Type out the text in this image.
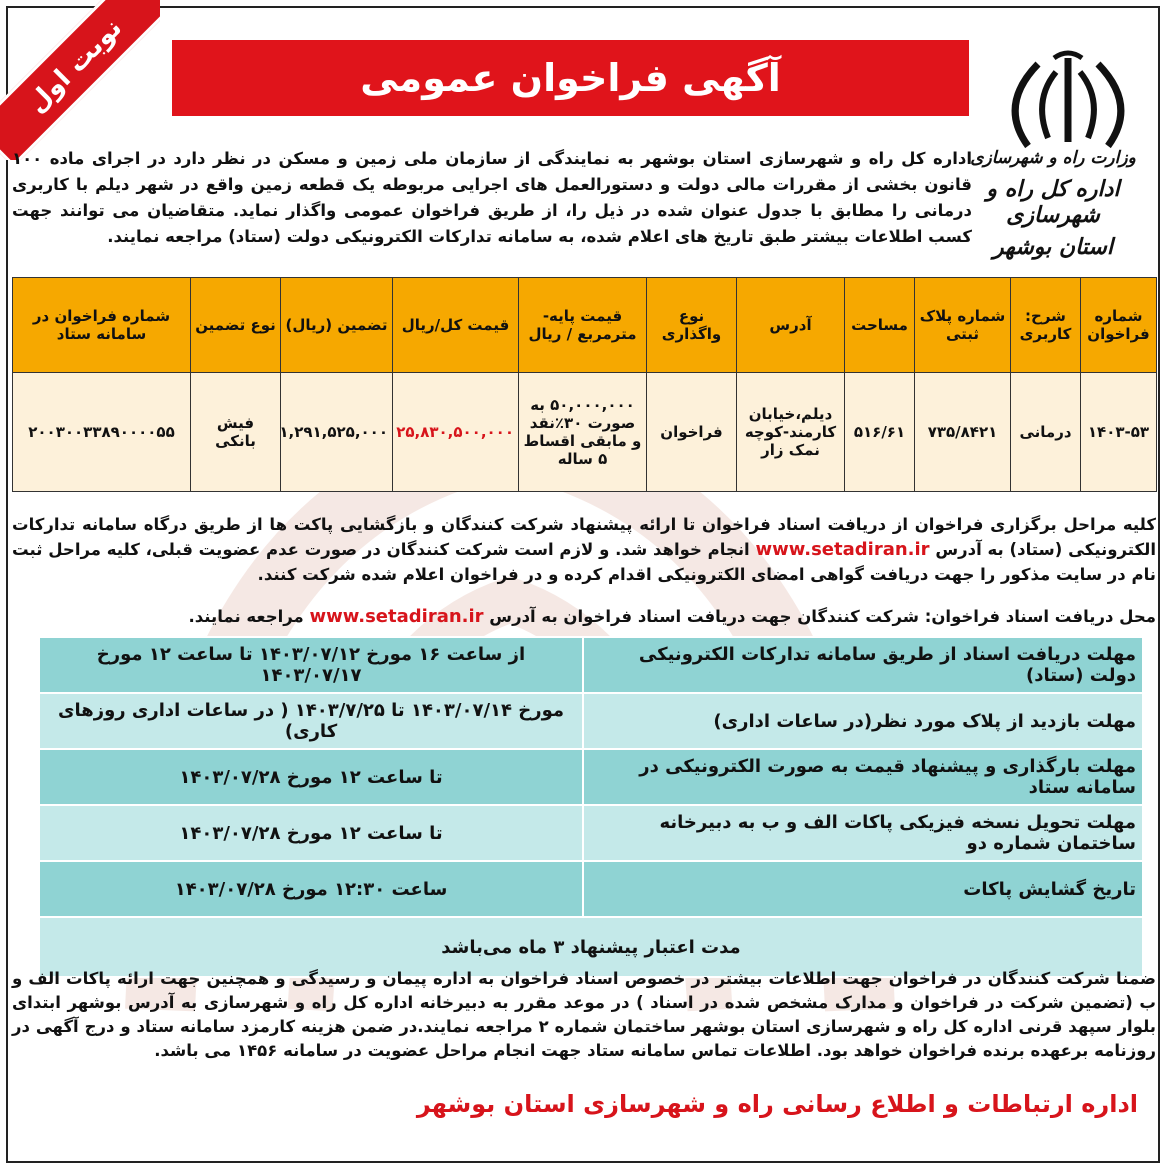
نوبت اول	آگهی فراخوان عمومی
وزارت راه و شهرسازی
اداره کل راه و شهرسازی
استان بوشهر
اداره کل راه و شهرسازی استان بوشهر به نمایندگی از سازمان ملی زمین و مسکن در نظر دارد در اجرای ماده ۱۰۰ قانون بخشی از مقررات مالی دولت و دستورالعمل های اجرایی مربوطه یک قطعه زمین واقع در شهر دیلم با کاربری درمانی را مطابق با جدول عنوان شده در ذیل را، از طریق فراخوان عمومی واگذار نماید. متقاضیان می توانند جهت کسب اطلاعات بیشتر طبق تاریخ های اعلام شده، به سامانه تدارکات الکترونیکی دولت (ستاد) مراجعه نمایند.
شماره فراخوان	شرح: کاربری	شماره پلاک ثبتی	مساحت	آدرس	نوع واگذاری	قیمت پایه- مترمربع / ریال	قیمت کل/ریال	تضمین (ریال)	نوع تضمین	شماره فراخوان در سامانه ستاد
۱۴۰۳-۵۳	درمانی	۷۳۵/۸۴۲۱	۵۱۶/۶۱	دیلم،خیابان کارمند-کوچه نمک زار	فراخوان	۵۰,۰۰۰,۰۰۰ به صورت ۳۰٪نقد و مابقی اقساط ۵ ساله	۲۵,۸۳۰,۵۰۰,۰۰۰	۱,۲۹۱,۵۲۵,۰۰۰	فیش بانکی	۲۰۰۳۰۰۳۳۸۹۰۰۰۰۵۵
کلیه مراحل برگزاری فراخوان از دریافت اسناد فراخوان تا ارائه پیشنهاد شرکت کنندگان و بازگشایی پاکت ها از طریق درگاه سامانه تدارکات الکترونیکی (ستاد) به آدرس www.setadiran.ir انجام خواهد شد. و لازم است شرکت کنندگان در صورت عدم عضویت قبلی، کلیه مراحل ثبت نام در سایت مذکور را جهت دریافت گواهی امضای الکترونیکی اقدام کرده و در فراخوان اعلام شده شرکت کنند.
محل دریافت اسناد فراخوان: شرکت کنندگان جهت دریافت اسناد فراخوان به آدرس www.setadiran.ir مراجعه نمایند.
مهلت دریافت اسناد از طریق سامانه تدارکات الکترونیکی دولت (ستاد)	از ساعت ۱۶ مورخ ۱۴۰۳/۰۷/۱۲ تا ساعت ۱۲ مورخ ۱۴۰۳/۰۷/۱۷
مهلت بازدید از پلاک مورد نظر(در ساعات اداری)	مورخ ۱۴۰۳/۰۷/۱۴ تا ۱۴۰۳/۷/۲۵ ( در ساعات اداری روزهای کاری)
مهلت بارگذاری و پیشنهاد قیمت به صورت الکترونیکی در سامانه ستاد	تا ساعت ۱۲ مورخ ۱۴۰۳/۰۷/۲۸
مهلت تحویل نسخه فیزیکی پاکات الف و ب به دبیرخانه ساختمان شماره دو	تا ساعت ۱۲ مورخ ۱۴۰۳/۰۷/۲۸
تاریخ گشایش پاکات	ساعت ۱۲:۳۰ مورخ ۱۴۰۳/۰۷/۲۸
مدت اعتبار پیشنهاد ۳ ماه می‌باشد	
ضمنا شرکت کنندگان در فراخوان جهت اطلاعات بیشتر در خصوص اسناد فراخوان به اداره پیمان و رسیدگی و همچنین جهت ارائه پاکات الف و ب (تضمین شرکت در فراخوان و مدارک مشخص شده در اسناد ) در موعد مقرر به دبیرخانه اداره کل راه و شهرسازی به آدرس بوشهر ابتدای بلوار سپهد قرنی اداره کل راه و شهرسازی استان بوشهر ساختمان شماره ۲ مراجعه نمایند.در ضمن هزینه کارمزد سامانه ستاد و درج آگهی در روزنامه برعهده برنده فراخوان خواهد بود. اطلاعات تماس سامانه ستاد جهت انجام مراحل عضویت در سامانه ۱۴۵۶ می باشد.
اداره ارتباطات و اطلاع رسانی راه و شهرسازی استان بوشهر
